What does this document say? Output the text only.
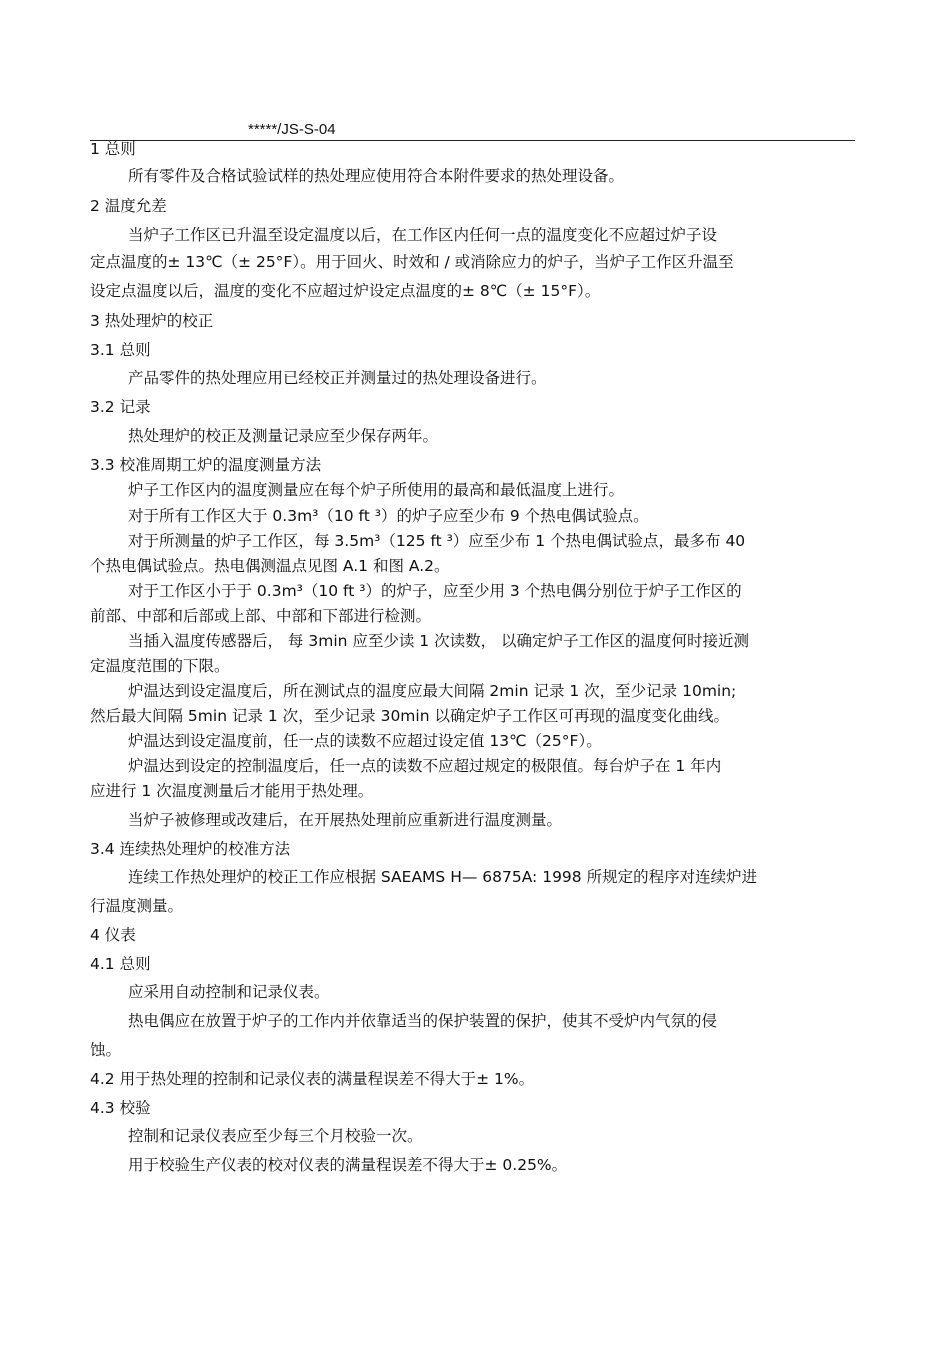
*****/JS-S-04
1 总则
所有零件及合格试验试样的热处理应使用符合本附件要求的热处理设备。
2 温度允差
当炉子工作区已升温至设定温度以后，在工作区内任何一点的温度变化不应超过炉子设
定点温度的± 13℃（± 25°F）。用于回火、时效和 / 或消除应力的炉子，当炉子工作区升温至
设定点温度以后，温度的变化不应超过炉设定点温度的± 8℃（± 15°F）。
3 热处理炉的校正
3.1 总则
产品零件的热处理应用已经校正并测量过的热处理设备进行。
3.2 记录
热处理炉的校正及测量记录应至少保存两年。
3.3 校准周期工炉的温度测量方法
炉子工作区内的温度测量应在每个炉子所使用的最高和最低温度上进行。
对于所有工作区大于 0.3m³（10 ft ³）的炉子应至少布 9 个热电偶试验点。
对于所测量的炉子工作区，每 3.5m³（125 ft ³）应至少布 1 个热电偶试验点，最多布 40
个热电偶试验点。热电偶测温点见图 A.1 和图 A.2。
对于工作区小于于 0.3m³（10 ft ³）的炉子，应至少用 3 个热电偶分别位于炉子工作区的
前部、中部和后部或上部、中部和下部进行检测。
当插入温度传感器后， 每 3min 应至少读 1 次读数， 以确定炉子工作区的温度何时接近测
定温度范围的下限。
炉温达到设定温度后，所在测试点的温度应最大间隔 2min 记录 1 次，至少记录 10min;
然后最大间隔 5min 记录 1 次，至少记录 30min 以确定炉子工作区可再现的温度变化曲线。
炉温达到设定温度前，任一点的读数不应超过设定值 13℃（25°F）。
炉温达到设定的控制温度后，任一点的读数不应超过规定的极限值。每台炉子在 1 年内
应进行 1 次温度测量后才能用于热处理。
当炉子被修理或改建后，在开展热处理前应重新进行温度测量。
3.4 连续热处理炉的校准方法
连续工作热处理炉的校正工作应根据 SAEAMS H— 6875A: 1998 所规定的程序对连续炉进
行温度测量。
4 仪表
4.1 总则
应采用自动控制和记录仪表。
热电偶应在放置于炉子的工作内并依靠适当的保护装置的保护，使其不受炉内气氛的侵
蚀。
4.2 用于热处理的控制和记录仪表的满量程误差不得大于± 1%。
4.3 校验
控制和记录仪表应至少每三个月校验一次。
用于校验生产仪表的校对仪表的满量程误差不得大于± 0.25%。
